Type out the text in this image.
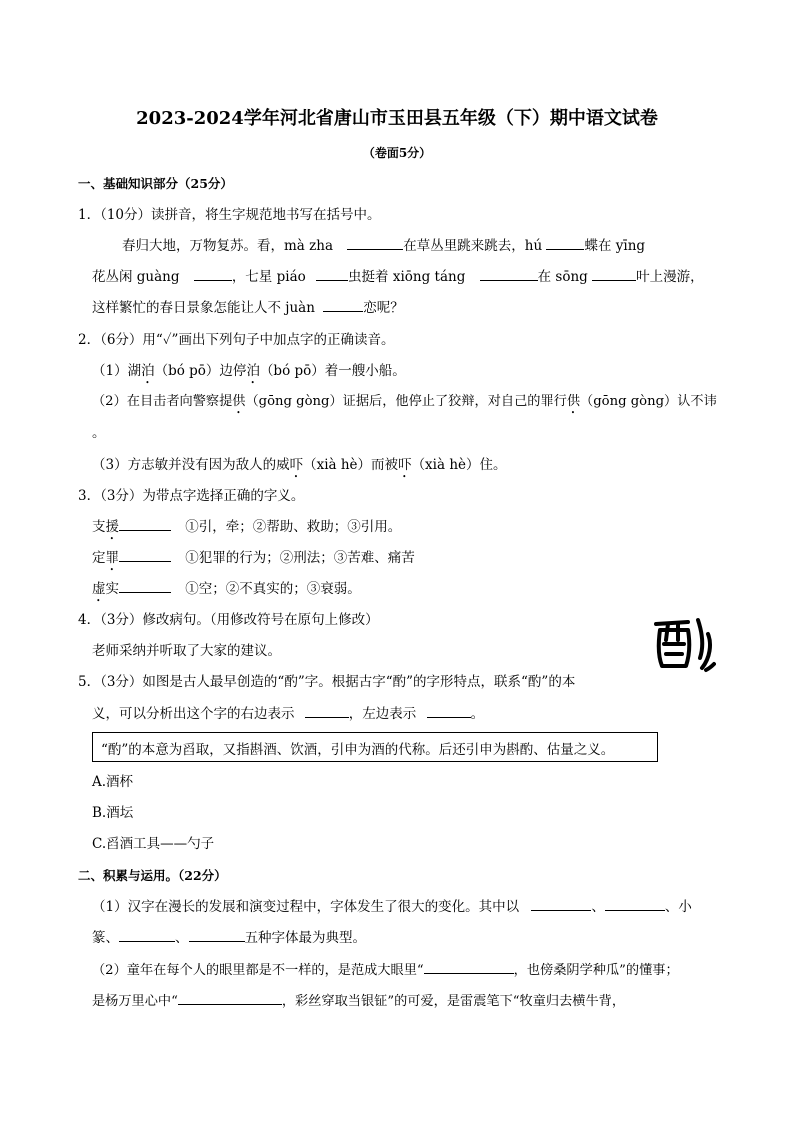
2023-2024学年河北省唐山市玉田县五年级（下）期中语文试卷
（卷面5分）
一、基础知识部分（25分）
1．（10分）读拼音，将生字规范地书写在括号中。
春归大地，万物复苏。看，mà zha	在草丛里跳来跳去，hú	蝶在 yīng
花丛闲 guàng	，七星 piáo	虫挺着 xiōng táng	在 sōng	叶上漫游，
这样繁忙的春日景象怎能让人不 juàn	恋呢？
2．（6分）用“✓”画出下列句子中加点字的正确读音。
（1）湖泊（bó pō）边停泊（bó pō）着一艘小船。
（2）在目击者向警察提供（gōng gòng）证据后，他停止了狡辩，对自己的罪行供（gōng gòng）认不讳
。
（3）方志敏并没有因为敌人的威吓（xià hè）而被吓（xià hè）住。
3．（3分）为带点字选择正确的字义。
支援	①引，牵；②帮助、救助；③引用。
定罪	①犯罪的行为；②刑法；③苦难、痛苦
虚实	①空；②不真实的；③衰弱。
4．（3分）修改病句。（用修改符号在原句上修改）
老师采纳并听取了大家的建议。
5．（3分）如图是古人最早创造的“酌”字。根据古字“酌”的字形特点，联系“酌”的本
义，可以分析出这个字的右边表示	，左边表示	。
“酌”的本意为舀取，又指斟酒、饮酒，引申为酒的代称。后还引申为斟酌、估量之义。
A.酒杯
B.酒坛
C.舀酒工具——勺子
二、积累与运用。（22分）
（1）汉字在漫长的发展和演变过程中，字体发生了很大的变化。其中以	、	、小
篆、	、	五种字体最为典型。
（2）童年在每个人的眼里都是不一样的，是范成大眼里“	，也傍桑阴学种瓜”的懂事；
是杨万里心中“	，彩丝穿取当银钲”的可爱，是雷震笔下“牧童归去横牛背，
